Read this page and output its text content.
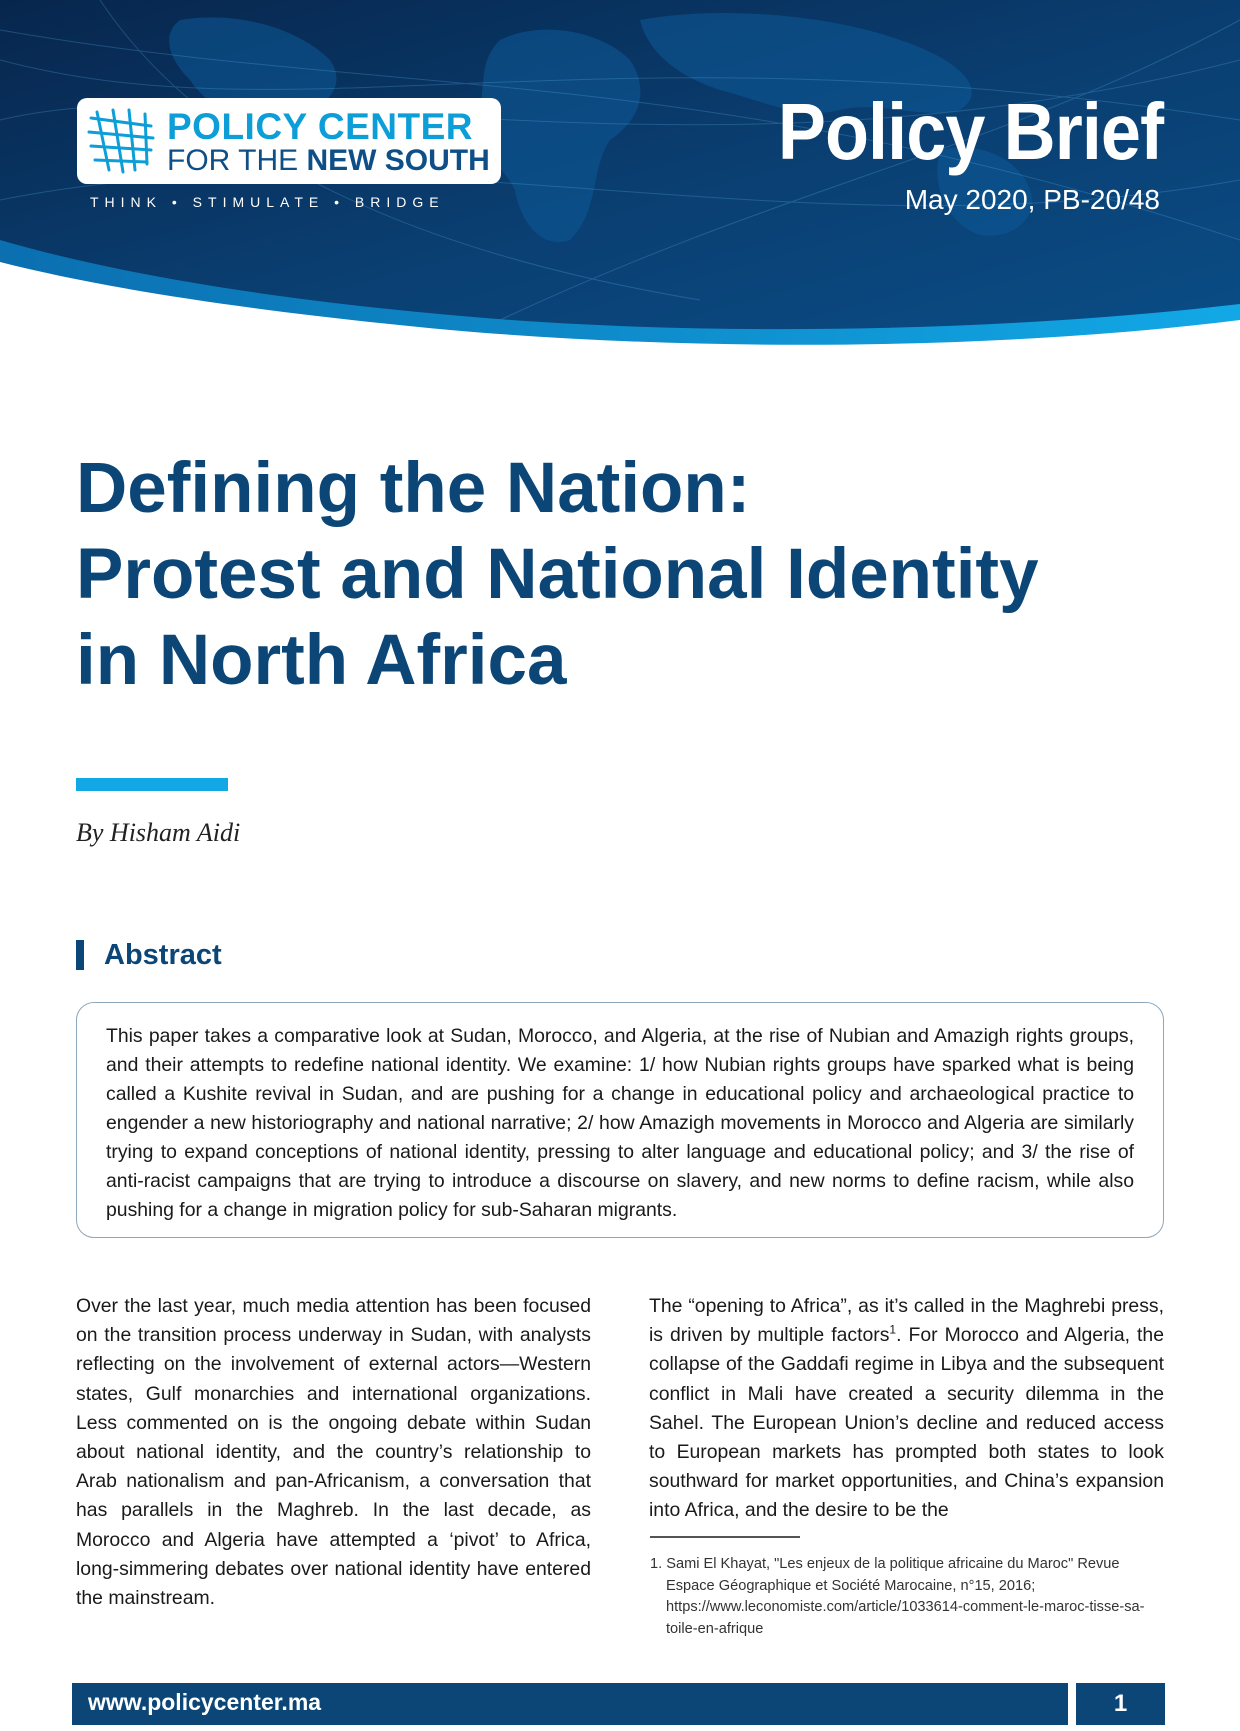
POLICY CENTER
FOR THE NEW SOUTH
THINK • STIMULATE • BRIDGE
Policy Brief
May 2020, PB-20/48
Defining the Nation:
Protest and National Identity
in North Africa
By Hisham Aidi
Abstract

This paper takes a comparative look at Sudan, Morocco, and Algeria, at the rise of Nubian and Amazigh rights groups, and their attempts to redefine national identity. We examine: 1/ how Nubian rights groups have sparked what is being called a Kushite revival in Sudan, and are pushing for a change in educational policy and archaeological practice to engender a new historiography and national narrative; 2/ how Amazigh movements in Morocco and Algeria are similarly trying to expand conceptions of national identity, pressing to alter language and educational policy; and 3/ the rise of anti-racist campaigns that are trying to introduce a discourse on slavery, and new norms to define racism, while also pushing for a change in migration policy for sub-Saharan migrants.

Over the last year, much media attention has been focused on the transition process underway in Sudan, with analysts reflecting on the involvement of external actors—Western states, Gulf monarchies and international organizations. Less commented on is the ongoing debate within Sudan about national identity, and the country’s relationship to Arab nationalism and pan-Africanism, a conversation that has parallels in the Maghreb. In the last decade, as Morocco and Algeria have attempted a ‘pivot’ to Africa, long-simmering debates over national identity have entered the mainstream.

The “opening to Africa”, as it’s called in the Maghrebi press, is driven by multiple factors$^1$. For Morocco and Algeria, the collapse of the Gaddafi regime in Libya and the subsequent conflict in Mali have created a security dilemma in the Sahel. The European Union’s decline and reduced access to European markets has prompted both states to look southward for market opportunities, and China’s expansion into Africa, and the desire to be the

1. Sami El Khayat, "Les enjeux de la politique africaine du Maroc" Revue Espace Géographique et Société Marocaine, n°15, 2016; https://www.leconomiste.com/article/1033614-comment-le-maroc-tisse-sa-toile-en-afrique

www.policycenter.ma	1
